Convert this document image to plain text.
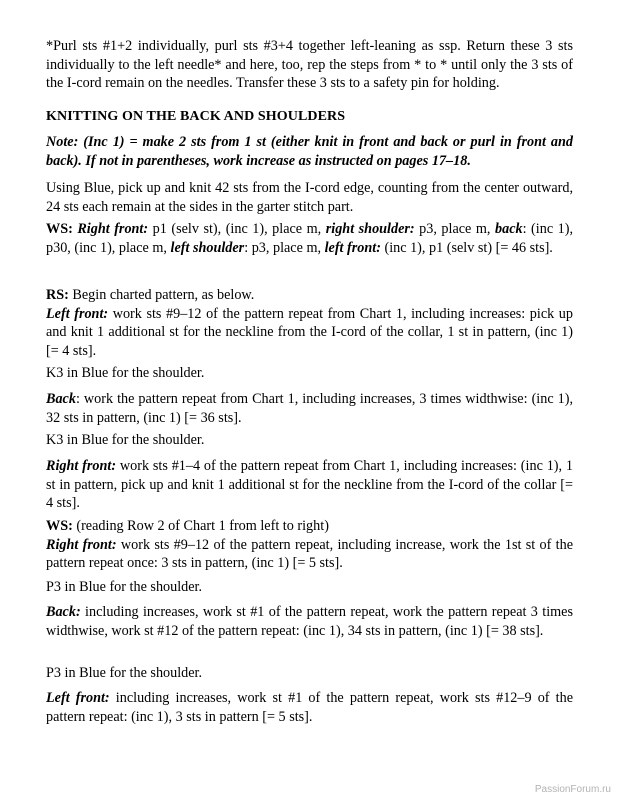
*Purl sts #1+2 individually, purl sts #3+4 together left-leaning as ssp. Return these 3 sts individually to the left needle* and here, too, rep the steps from * to * until only the 3 sts of the I-cord remain on the needles. Transfer these 3 sts to a safety pin for holding.

KNITTING ON THE BACK AND SHOULDERS

Note: (Inc 1) = make 2 sts from 1 st (either knit in front and back or purl in front and back). If not in parentheses, work increase as instructed on pages 17–18.

Using Blue, pick up and knit 42 sts from the I-cord edge, counting from the center outward, 24 sts each remain at the sides in the garter stitch part.

WS: Right front: p1 (selv st), (inc 1), place m, right shoulder: p3, place m, back: (inc 1), p30, (inc 1), place m, left shoulder: p3, place m, left front: (inc 1), p1 (selv st) [= 46 sts].

RS: Begin charted pattern, as below.

Left front: work sts #9–12 of the pattern repeat from Chart 1, including increases: pick up and knit 1 additional st for the neckline from the I-cord of the collar, 1 st in pattern, (inc 1) [= 4 sts].

K3 in Blue for the shoulder.

Back: work the pattern repeat from Chart 1, including increases, 3 times widthwise: (inc 1), 32 sts in pattern, (inc 1) [= 36 sts].

K3 in Blue for the shoulder.

Right front: work sts #1–4 of the pattern repeat from Chart 1, including increases: (inc 1), 1 st in pattern, pick up and knit 1 additional st for the neckline from the I-cord of the collar [= 4 sts].

WS: (reading Row 2 of Chart 1 from left to right)

Right front: work sts #9–12 of the pattern repeat, including increase, work the 1st st of the pattern repeat once: 3 sts in pattern, (inc 1) [= 5 sts].

P3 in Blue for the shoulder.

Back: including increases, work st #1 of the pattern repeat, work the pattern repeat 3 times widthwise, work st #12 of the pattern repeat: (inc 1), 34 sts in pattern, (inc 1) [= 38 sts].

P3 in Blue for the shoulder.

Left front: including increases, work st #1 of the pattern repeat, work sts #12–9 of the pattern repeat: (inc 1), 3 sts in pattern [= 5 sts].

PassionForum.ru
